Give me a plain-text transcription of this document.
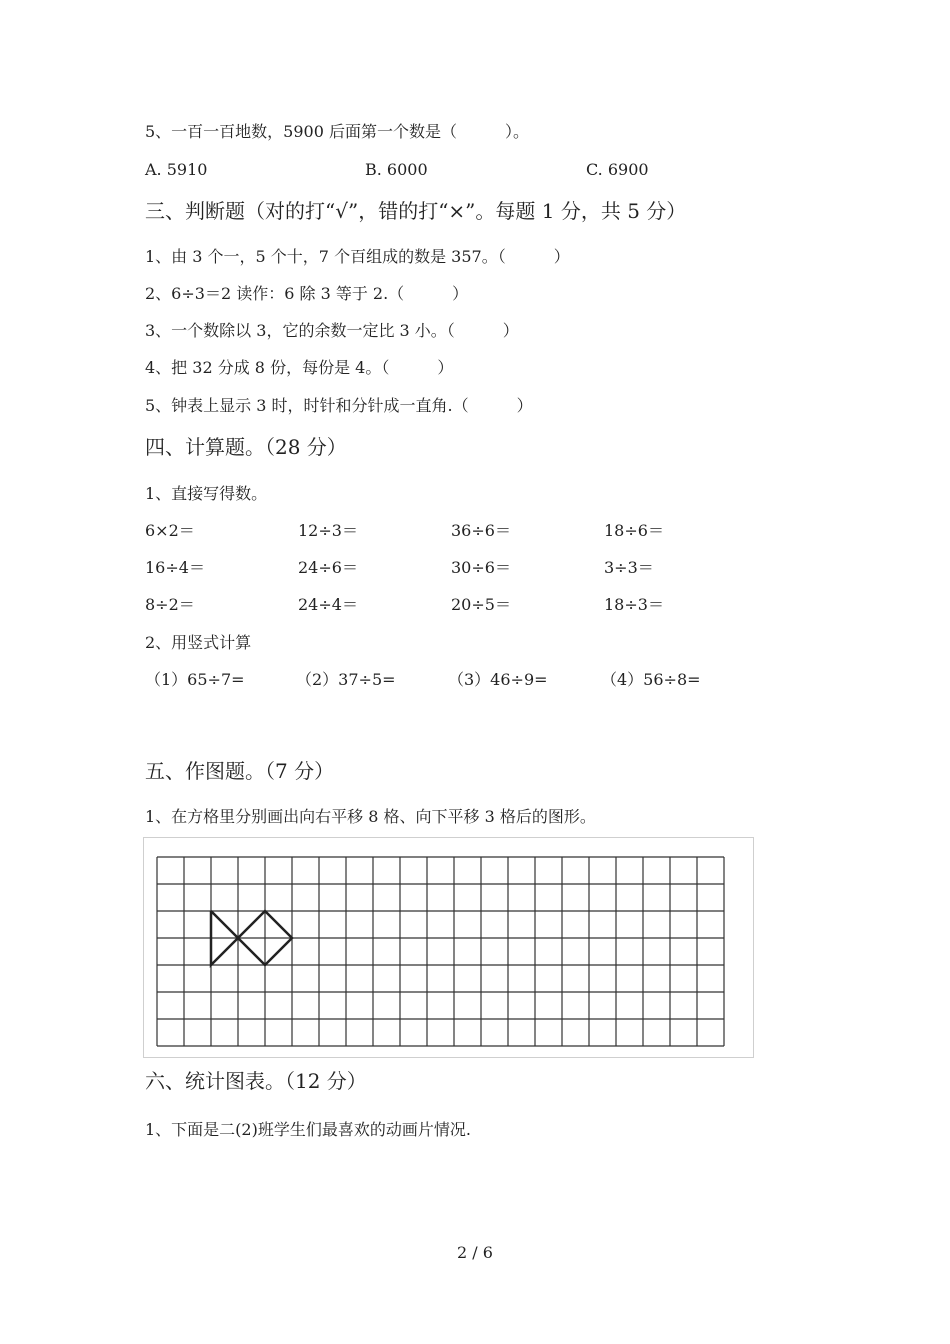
5、一百一百地数，5900 后面第一个数是（　　　）。
A. 5910	B. 6000	C. 6900
三、判断题（对的打“√”，错的打“×”。每题 1 分，共 5 分）
1、由 3 个一，5 个十，7 个百组成的数是 357。（　　　）
2、6÷3＝2 读作：6 除 3 等于 2.（　　　）
3、一个数除以 3，它的余数一定比 3 小。（　　　）
4、把 32 分成 8 份，每份是 4。（　　　）
5、钟表上显示 3 时，时针和分针成一直角.（　　　）
四、计算题。（28 分）
1、直接写得数。
6×2＝	12÷3＝	36÷6＝	18÷6＝
16÷4＝	24÷6＝	30÷6＝	3÷3＝
8÷2＝	24÷4＝	20÷5＝	18÷3＝
2、用竖式计算
（1）65÷7=	（2）37÷5=	（3）46÷9=	（4）56÷8=
五、作图题。（7 分）
1、在方格里分别画出向右平移 8 格、向下平移 3 格后的图形。
六、统计图表。（12 分）
1、下面是二(2)班学生们最喜欢的动画片情况.
2 / 6
